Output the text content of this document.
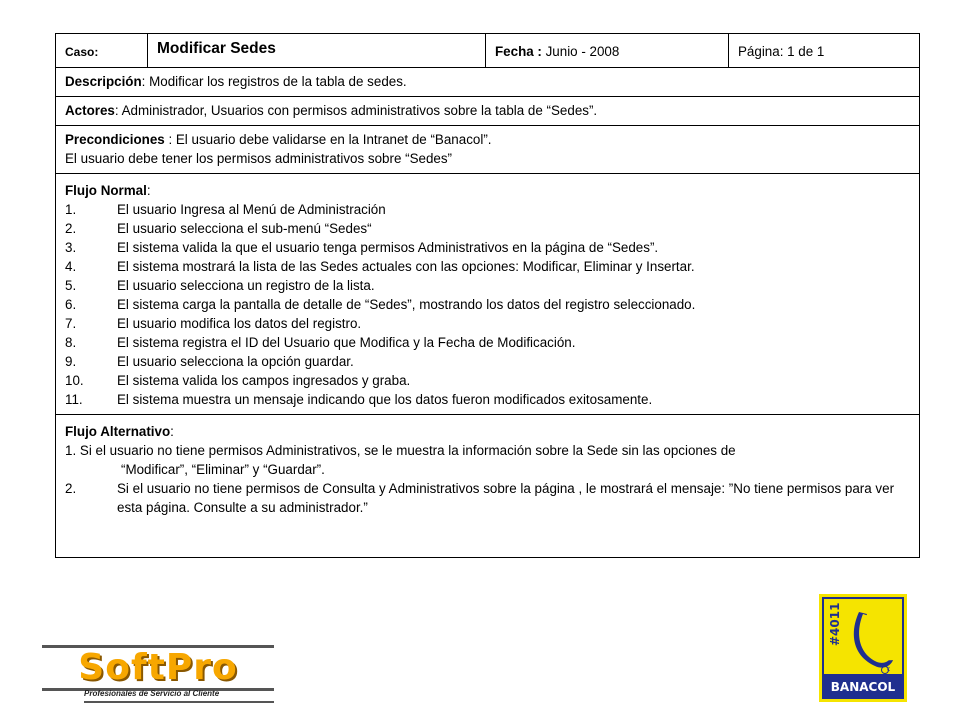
Caso:	Modificar Sedes	Fecha : Junio - 2008	Página: 1 de 1
Descripción: Modificar los registros de la tabla de sedes.
Actores: Administrador, Usuarios con permisos administrativos sobre la tabla de “Sedes”.

Precondiciones : El usuario debe validarse en la Intranet de “Banacol”.
El usuario debe tener los permisos administrativos sobre “Sedes”

Flujo Normal:
1.	El usuario Ingresa al Menú de Administración
2.	El usuario selecciona el sub-menú “Sedes“
3.	El sistema valida la que el usuario tenga permisos Administrativos en la página de “Sedes”.
4.	El sistema mostrará la lista de las Sedes actuales con las opciones: Modificar, Eliminar y Insertar.
5.	El usuario selecciona un registro de la lista.
6.	El sistema carga la pantalla de detalle de “Sedes”, mostrando los datos del registro seleccionado.
7.	El usuario modifica los datos del registro.
8.	El sistema registra el ID del Usuario que Modifica y la Fecha de Modificación.
9.	El usuario selecciona la opción guardar.
10.	El sistema valida los campos ingresados y graba.
11.	El sistema muestra un mensaje indicando que los datos fueron modificados exitosamente.

Flujo Alternativo:
1. Si el usuario no tiene permisos Administrativos, se le muestra la información sobre la Sede sin las opciones de
“Modificar”, “Eliminar” y “Guardar”.
2.	Si el usuario no tiene permisos de Consulta y Administrativos sobre la página , le mostrará el mensaje: ”No tiene permisos para ver esta página. Consulte a su administrador.”
SoftPro
Profesionales de Servicio al Cliente
#4011
c
BANACOL
